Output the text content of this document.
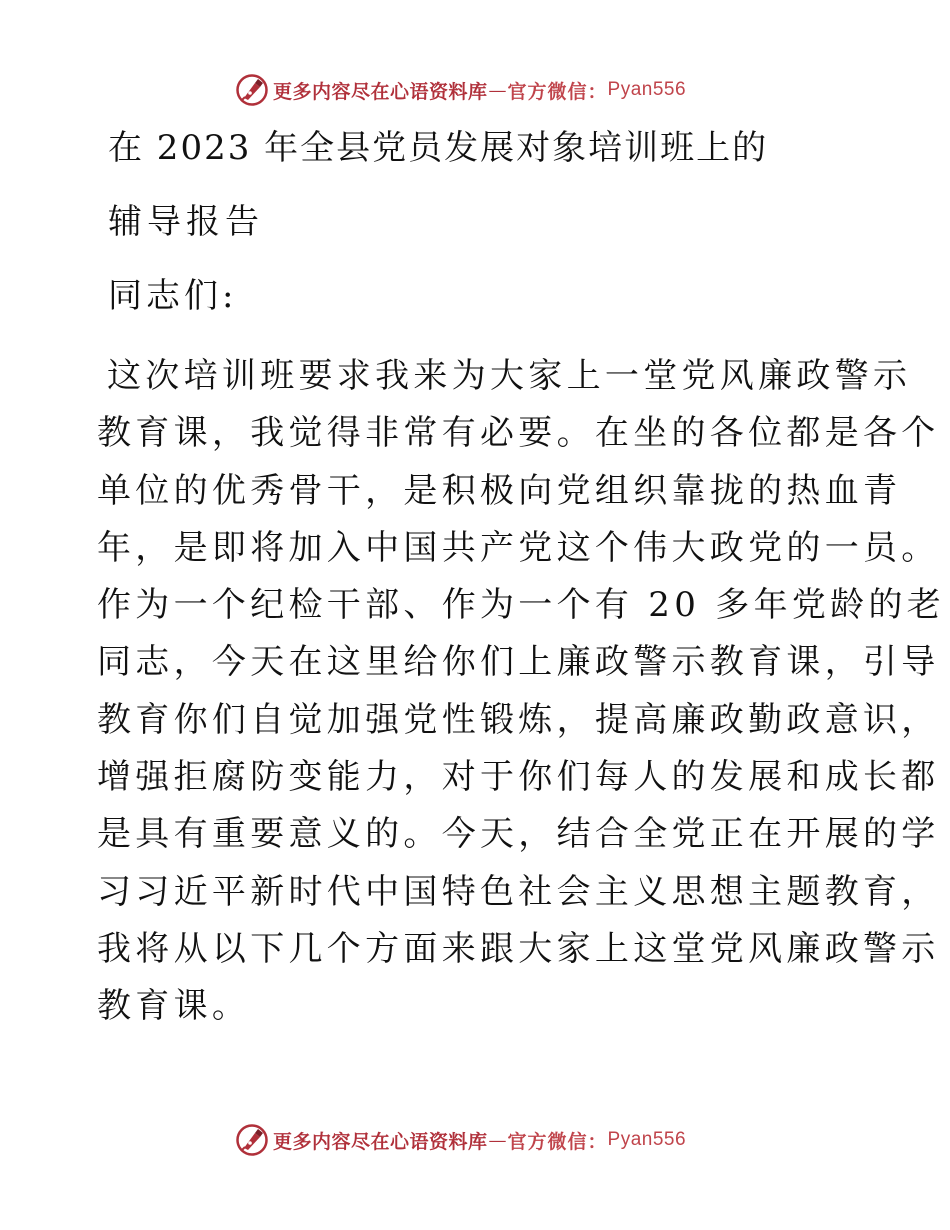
更多内容尽在心语资料库 — 官方微信： Pyan556
在 2023 年全县党员发展对象培训班上的
辅导报告
同志们:
这次培训班要求我来为大家上一堂党风廉政警示
教育课，我觉得非常有必要。在坐的各位都是各个
单位的优秀骨干，是积极向党组织靠拢的热血青
年，是即将加入中国共产党这个伟大政党的一员。
作为一个纪检干部、作为一个有 20 多年党龄的老
同志，今天在这里给你们上廉政警示教育课，引导
教育你们自觉加强党性锻炼，提高廉政勤政意识，
增强拒腐防变能力，对于你们每人的发展和成长都
是具有重要意义的。今天，结合全党正在开展的学
习习近平新时代中国特色社会主义思想主题教育，
我将从以下几个方面来跟大家上这堂党风廉政警示
教育课。
更多内容尽在心语资料库 — 官方微信： Pyan556
